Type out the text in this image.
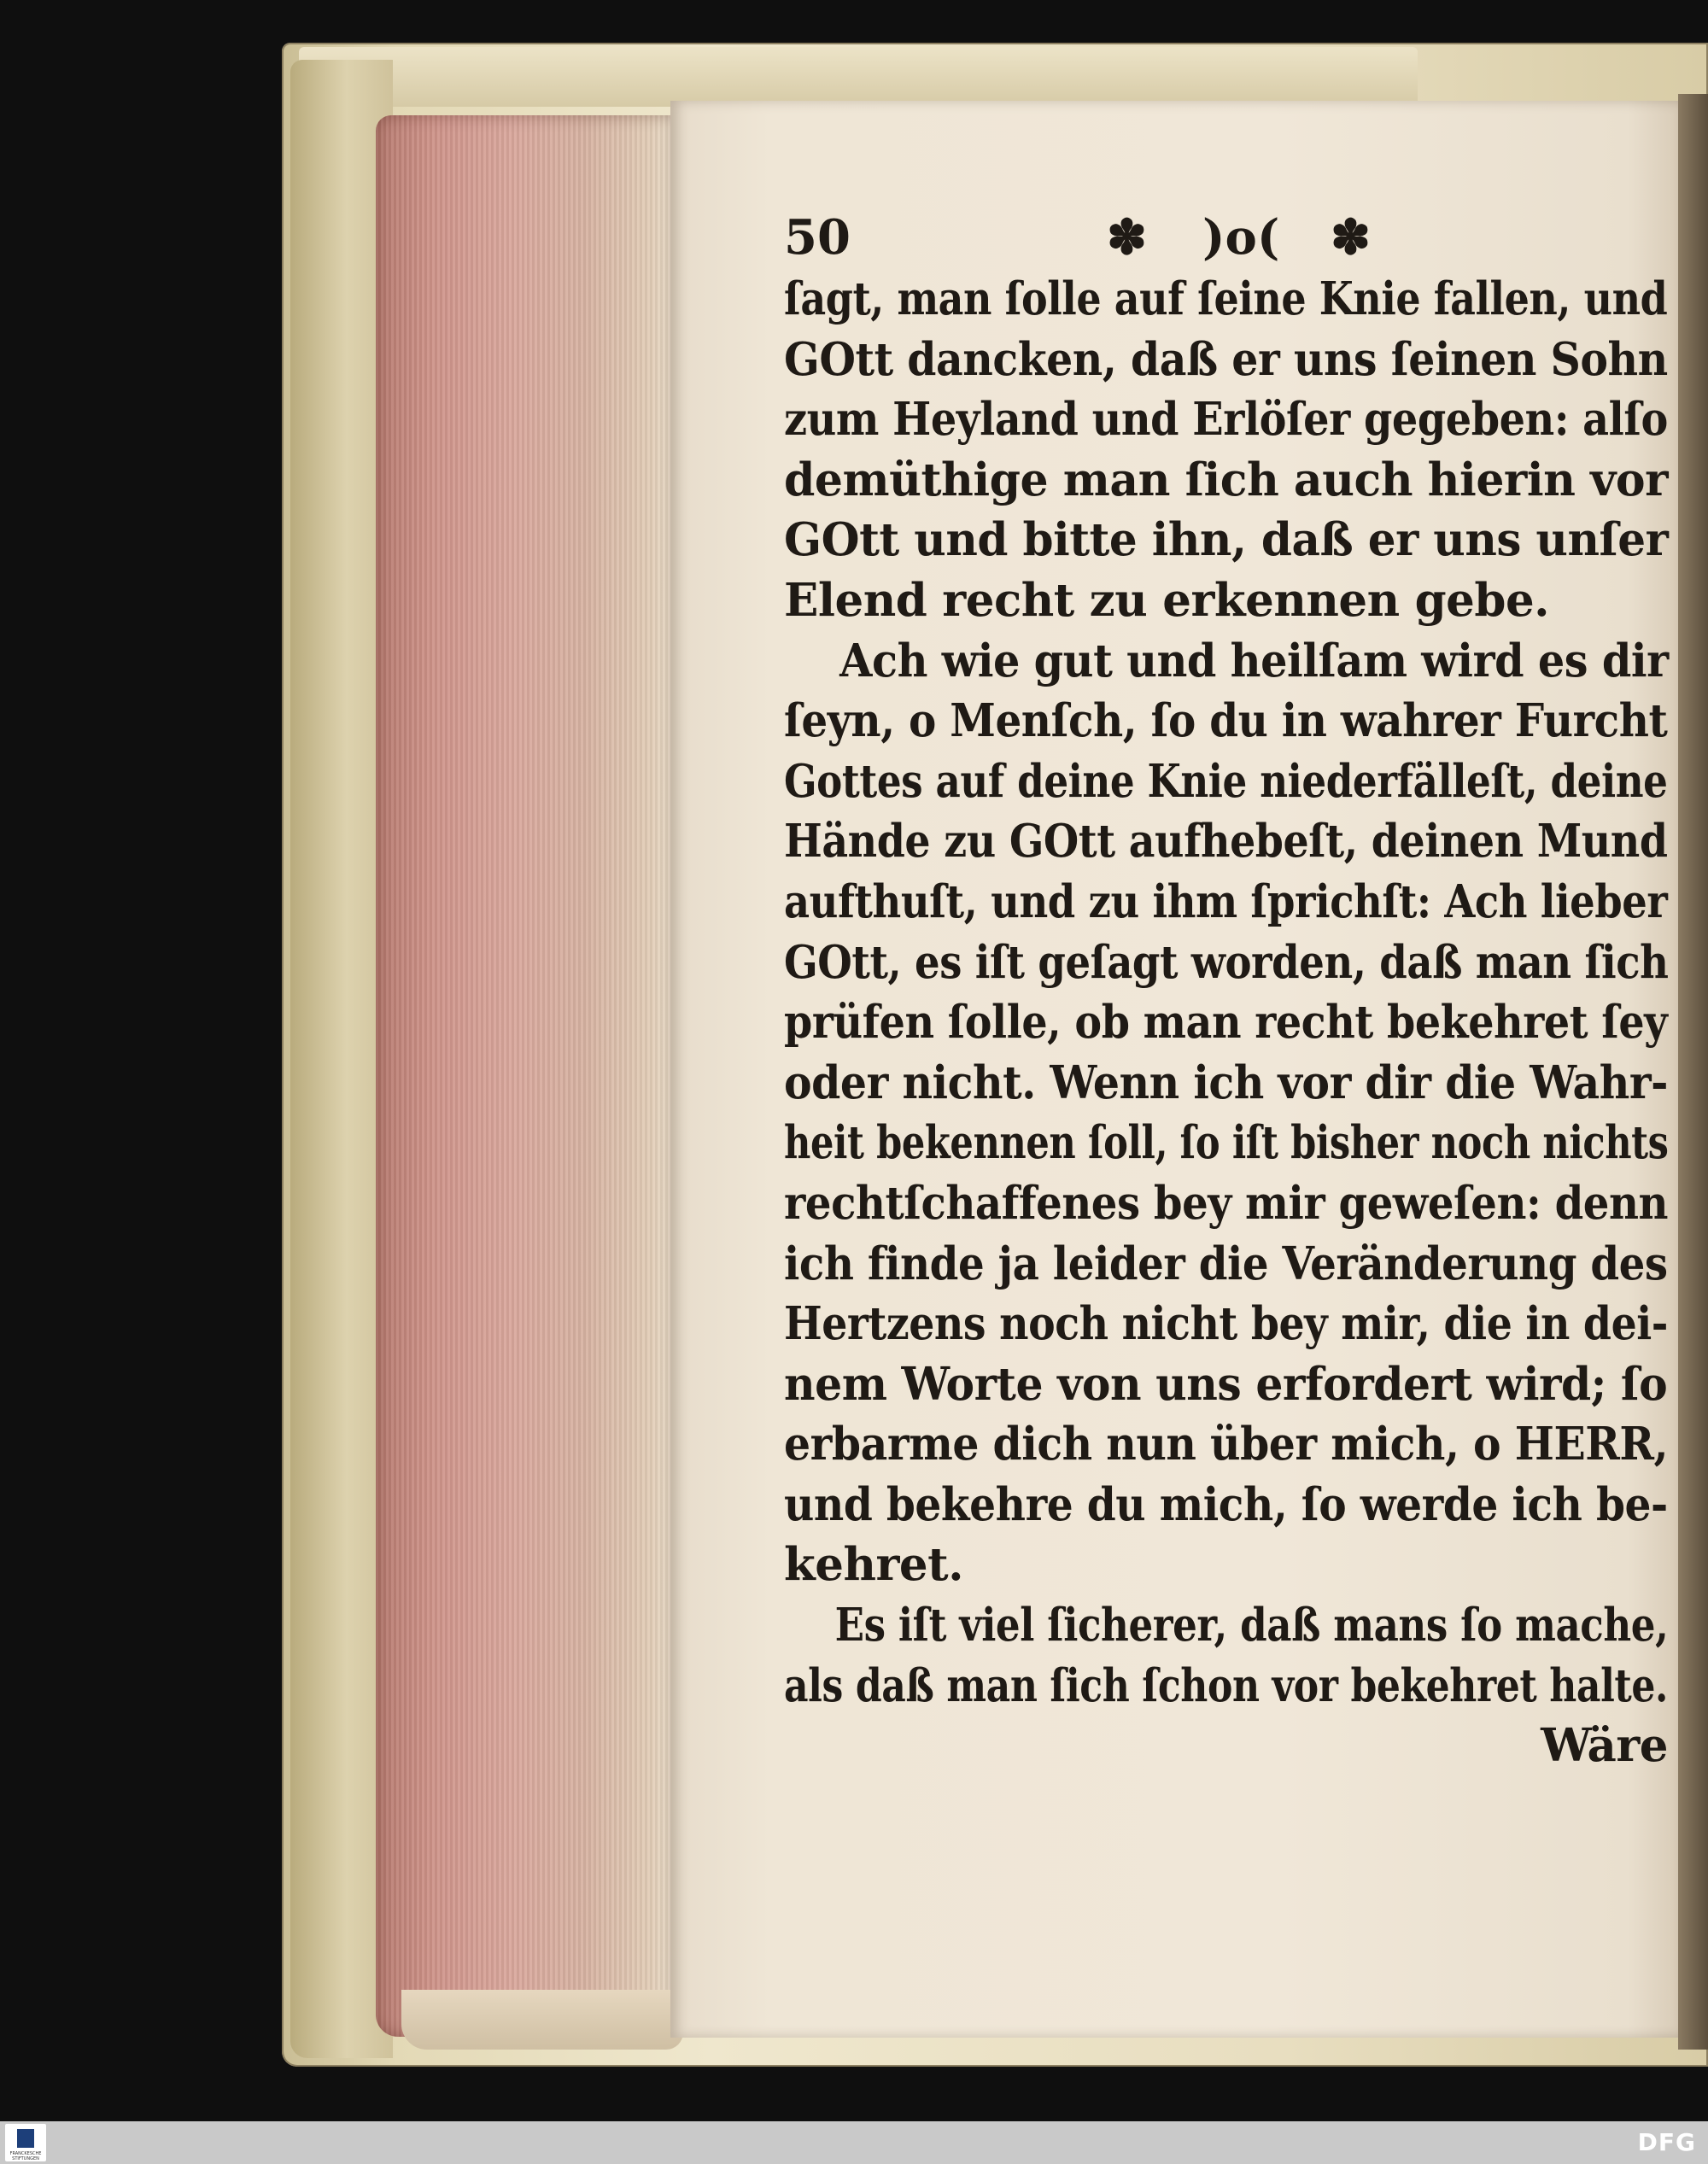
50	✽ )o( ✽
ſagt, man ſolle auf ſeine Knie fallen, und
GOtt dancken, daß er uns ſeinen Sohn
zum Heyland und Erlöſer gegeben: alſo
demüthige man ſich auch hierin vor
GOtt und bitte ihn, daß er uns unſer
Elend recht zu erkennen gebe.
Ach wie gut und heilſam wird es dir
ſeyn, o Menſch, ſo du in wahrer Furcht
Gottes auf deine Knie niederfälleſt, deine
Hände zu GOtt aufhebeſt, deinen Mund
aufthuſt, und zu ihm ſprichſt: Ach lieber
GOtt, es iſt geſagt worden, daß man ſich
prüfen ſolle, ob man recht bekehret ſey
oder nicht. Wenn ich vor dir die Wahr-
heit bekennen ſoll, ſo iſt bisher noch nichts
rechtſchaffenes bey mir geweſen: denn
ich finde ja leider die Veränderung des
Hertzens noch nicht bey mir, die in dei-
nem Worte von uns erfordert wird; ſo
erbarme dich nun über mich, o HERR,
und bekehre du mich, ſo werde ich be-
kehret.
Es iſt viel ſicherer, daß mans ſo mache,
als daß man ſich ſchon vor bekehret halte.
Wäre
FRANCKESCHE STIFTUNGEN
DFG
